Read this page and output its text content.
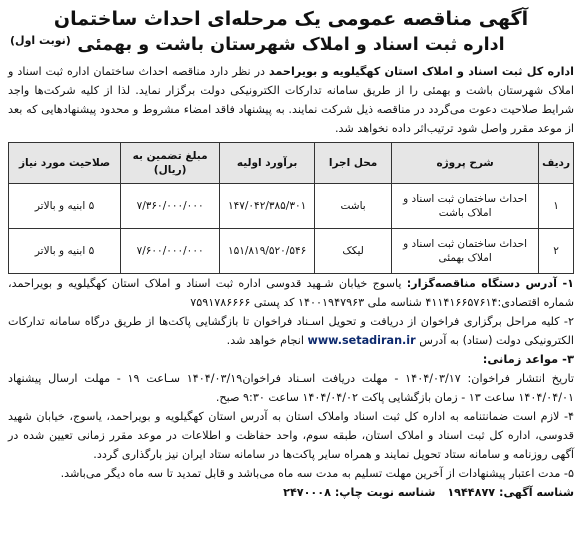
آگهی مناقصه عمومی یک مرحله‌ای احداث ساختمان

اداره ثبت اسناد و املاک شهرستان باشت و بهمئی

(نوبت اول)

اداره کل ثبت اسناد و املاک استان کهگیلویه و بویراحمد در نظر دارد مناقصه احداث ساختمان اداره ثبت اسناد و املاک شهرستان باشت و بهمئی را از طریق سامانه تدارکات الکترونیکی دولت برگزار نماید. لذا از کلیه شرکت‌ها واجد شرایط صلاحیت دعوت می‌گردد در مناقصه ذیل شرکت نمایند. به پیشنهاد فاقد امضاء مشروط و محدود پیشنهادهایی که بعد از موعد مقرر واصل شود ترتیب‌اثر داده نخواهد شد.

ردیف	شرح پروژه	محل اجرا	برآورد اولیه	مبلغ تضمین به (ریال)	صلاحیت مورد نیاز
۱	احداث ساختمان ثبت اسناد و املاک باشت	باشت	۱۴۷/۰۴۲/۳۸۵/۳۰۱	۷/۳۶۰/۰۰۰/۰۰۰	۵ ابنیه و بالاتر
۲	احداث ساختمان ثبت اسناد و املاک بهمئی	لیکک	۱۵۱/۸۱۹/۵۲۰/۵۴۶	۷/۶۰۰/۰۰۰/۰۰۰	۵ ابنیه و بالاتر

۱- آدرس دستگاه مناقصه‌گزار: یاسوج خیابان شـهید قدوسی اداره ثبت اسناد و املاک استان کهگیلویه و بویراحمد، شماره اقتصادی:۴۱۱۴۱۶۶۵۷۶۱۴ شناسه ملی ۱۴۰۰۱۹۴۷۹۶۳ کد پستی ۷۵۹۱۷۸۶۶۶۶

۲- کلیه مراحل برگزاری فراخوان از دریافت و تحویل اسـناد فراخوان تا بازگشایی پاکت‌ها از طریق درگاه سامانه تدارکات الکترونیکی دولت (ستاد) به آدرس www.setadiran.ir انجام خواهد شد.

۳- مواعد زمانی:

تاریخ انتشار فراخوان: ۱۴۰۴/۰۳/۱۷ - مهلت دریافت اسـناد فراخوان۱۴۰۴/۰۳/۱۹ سـاعت ۱۹ - مهلت ارسال پیشنهاد ۱۴۰۴/۰۴/۰۱ ساعت ۱۳ - زمان بازگشایی پاکت ۱۴۰۴/۰۴/۰۲ ساعت ۹:۳۰ صبح.

۴- لازم است ضمانتنامه به اداره کل ثبت اسناد واملاک استان به آدرس استان کهگیلویه و بویراحمد، یاسوج، خیابان شهید قدوسی، اداره کل ثبت اسناد و املاک استان، طبقه سوم، واحد حفاظت و اطلاعات در موعد مقرر زمانی تعیین شده در آگهی روزنامه و سامانه ستاد تحویل نمایند و همراه سایر پاکت‌ها در سامانه ستاد ایران نیز بارگذاری گردد.

۵- مدت اعتبار پیشنهادات از آخرین مهلت تسلیم به مدت سه ماه می‌باشد و قابل تمدید تا سه ماه دیگر می‌باشد.

شناسه آگهی: ۱۹۴۴۸۷۷ شناسه نوبت چاپ: ۲۴۷۰۰۰۸
